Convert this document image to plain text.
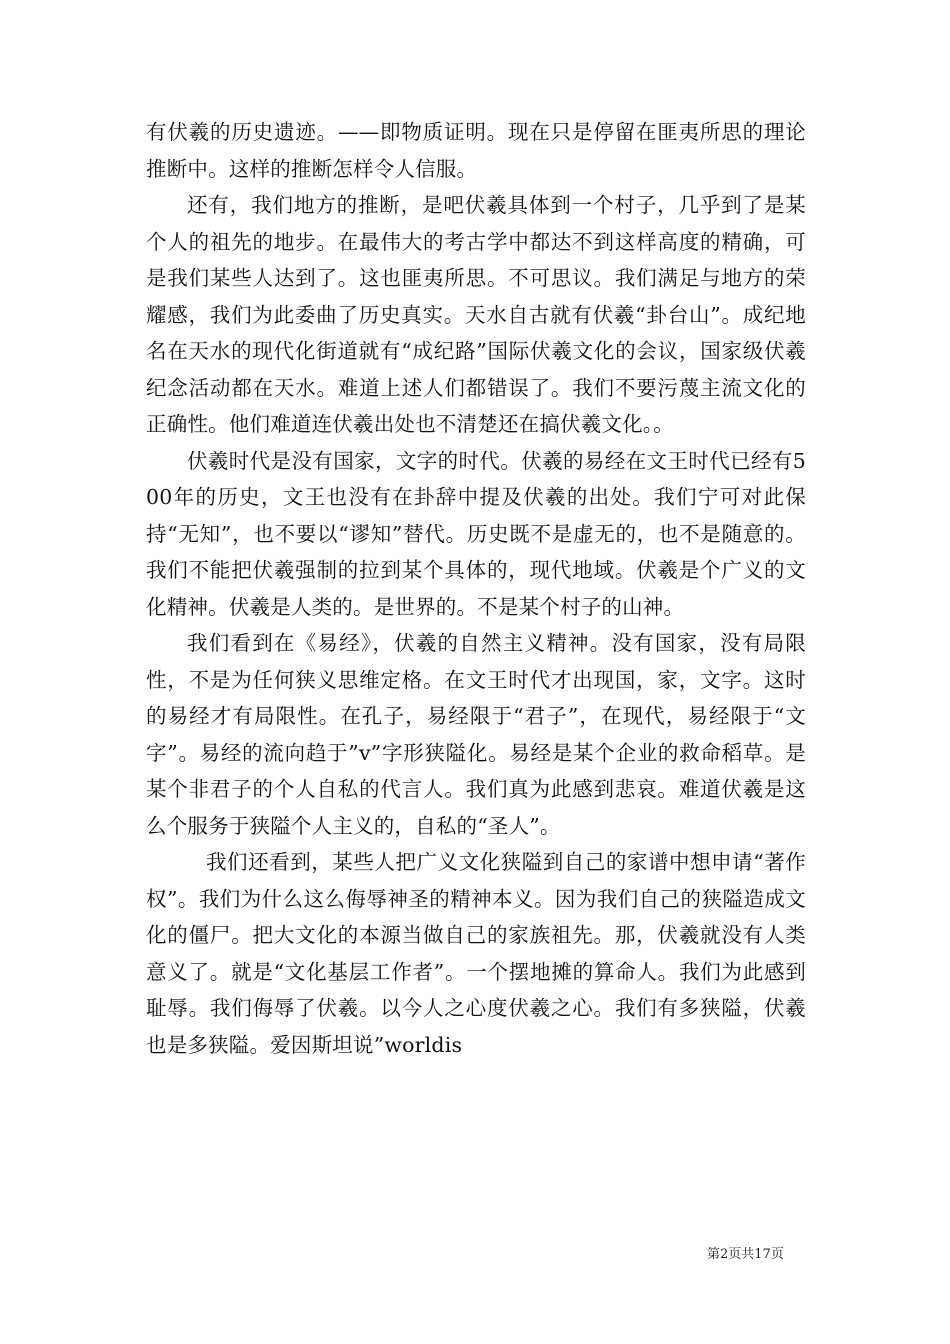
有伏羲的历史遗迹。——即物质证明。现在只是停留在匪夷所思的理论推断中。这样的推断怎样令人信服。

还有，我们地方的推断，是吧伏羲具体到一个村子，几乎到了是某个人的祖先的地步。在最伟大的考古学中都达不到这样高度的精确，可是我们某些人达到了。这也匪夷所思。不可思议。我们满足与地方的荣耀感，我们为此委曲了历史真实。天水自古就有伏羲“卦台山”。成纪地名在天水的现代化街道就有“成纪路”国际伏羲文化的会议，国家级伏羲纪念活动都在天水。难道上述人们都错误了。我们不要污蔑主流文化的正确性。他们难道连伏羲出处也不清楚还在搞伏羲文化。。

伏羲时代是没有国家，文字的时代。伏羲的易经在文王时代已经有500年的历史，文王也没有在卦辞中提及伏羲的出处。我们宁可对此保持“无知”，也不要以“谬知”替代。历史既不是虚无的，也不是随意的。我们不能把伏羲强制的拉到某个具体的，现代地域。伏羲是个广义的文化精神。伏羲是人类的。是世界的。不是某个村子的山神。

我们看到在《易经》，伏羲的自然主义精神。没有国家，没有局限性，不是为任何狭义思维定格。在文王时代才出现国，家，文字。这时的易经才有局限性。在孔子，易经限于“君子”，在现代，易经限于“文字”。易经的流向趋于”v”字形狭隘化。易经是某个企业的救命稻草。是某个非君子的个人自私的代言人。我们真为此感到悲哀。难道伏羲是这么个服务于狭隘个人主义的，自私的“圣人”。

我们还看到，某些人把广义文化狭隘到自己的家谱中想申请“著作权”。我们为什么这么侮辱神圣的精神本义。因为我们自己的狭隘造成文化的僵尸。把大文化的本源当做自己的家族祖先。那，伏羲就没有人类意义了。就是“文化基层工作者”。一个摆地摊的算命人。我们为此感到耻辱。我们侮辱了伏羲。以今人之心度伏羲之心。我们有多狭隘，伏羲也是多狭隘。爱因斯坦说”worldis

第2页共17页
